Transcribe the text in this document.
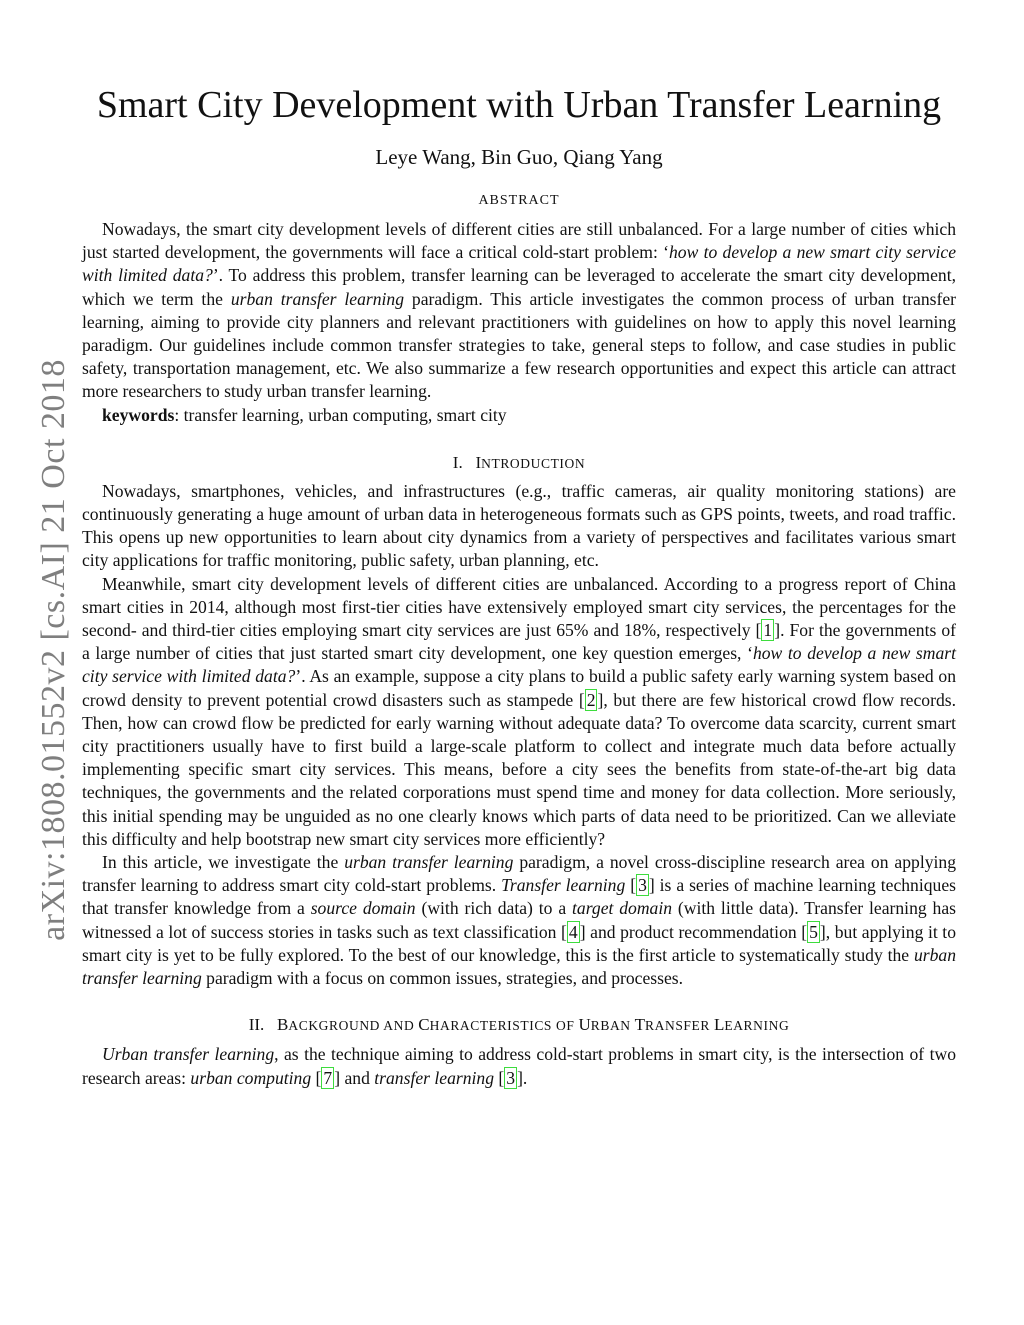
arXiv:1808.01552v2 [cs.AI] 21 Oct 2018
Smart City Development with Urban Transfer Learning
Leye Wang, Bin Guo, Qiang Yang
ABSTRACT

Nowadays, the smart city development levels of different cities are still unbalanced. For a large number of cities which just started development, the governments will face a critical cold-start problem: ‘how to develop a new smart city service with limited data?’. To address this problem, transfer learning can be leveraged to accelerate the smart city development, which we term the urban transfer learning paradigm. This article investigates the common process of urban transfer learning, aiming to provide city planners and relevant practitioners with guidelines on how to apply this novel learning paradigm. Our guidelines include common transfer strategies to take, general steps to follow, and case studies in public safety, transportation management, etc. We also summarize a few research opportunities and expect this article can attract more researchers to study urban transfer learning.

keywords: transfer learning, urban computing, smart city

I. INTRODUCTION

Nowadays, smartphones, vehicles, and infrastructures (e.g., traffic cameras, air quality monitoring stations) are continuously generating a huge amount of urban data in heterogeneous formats such as GPS points, tweets, and road traffic. This opens up new opportunities to learn about city dynamics from a variety of perspectives and facilitates various smart city applications for traffic monitoring, public safety, urban planning, etc.

Meanwhile, smart city development levels of different cities are unbalanced. According to a progress report of China smart cities in 2014, although most first-tier cities have extensively employed smart city services, the percentages for the second- and third-tier cities employing smart city services are just 65% and 18%, respectively [ 1 ]. For the governments of a large number of cities that just started smart city development, one key question emerges, ‘how to develop a new smart city service with limited data?’. As an example, suppose a city plans to build a public safety early warning system based on crowd density to prevent potential crowd disasters such as stampede [ 2 ], but there are few historical crowd flow records. Then, how can crowd flow be predicted for early warning without adequate data? To overcome data scarcity, current smart city practitioners usually have to first build a large-scale platform to collect and integrate much data before actually implementing specific smart city services. This means, before a city sees the benefits from state-of-the-art big data techniques, the governments and the related corporations must spend time and money for data collection. More seriously, this initial spending may be unguided as no one clearly knows which parts of data need to be prioritized. Can we alleviate this difficulty and help bootstrap new smart city services more efficiently?

In this article, we investigate the urban transfer learning paradigm, a novel cross-discipline research area on applying transfer learning to address smart city cold-start problems. Transfer learning [ 3 ] is a series of machine learning techniques that transfer knowledge from a source domain (with rich data) to a target domain (with little data). Transfer learning has witnessed a lot of success stories in tasks such as text classification [ 4 ] and product recommendation [ 5 ], but applying it to smart city is yet to be fully explored. To the best of our knowledge, this is the first article to systematically study the urban transfer learning paradigm with a focus on common issues, strategies, and processes.

II. BACKGROUND AND CHARACTERISTICS OF URBAN TRANSFER LEARNING

Urban transfer learning, as the technique aiming to address cold-start problems in smart city, is the intersection of two research areas: urban computing [ 7 ] and transfer learning [ 3 ].
